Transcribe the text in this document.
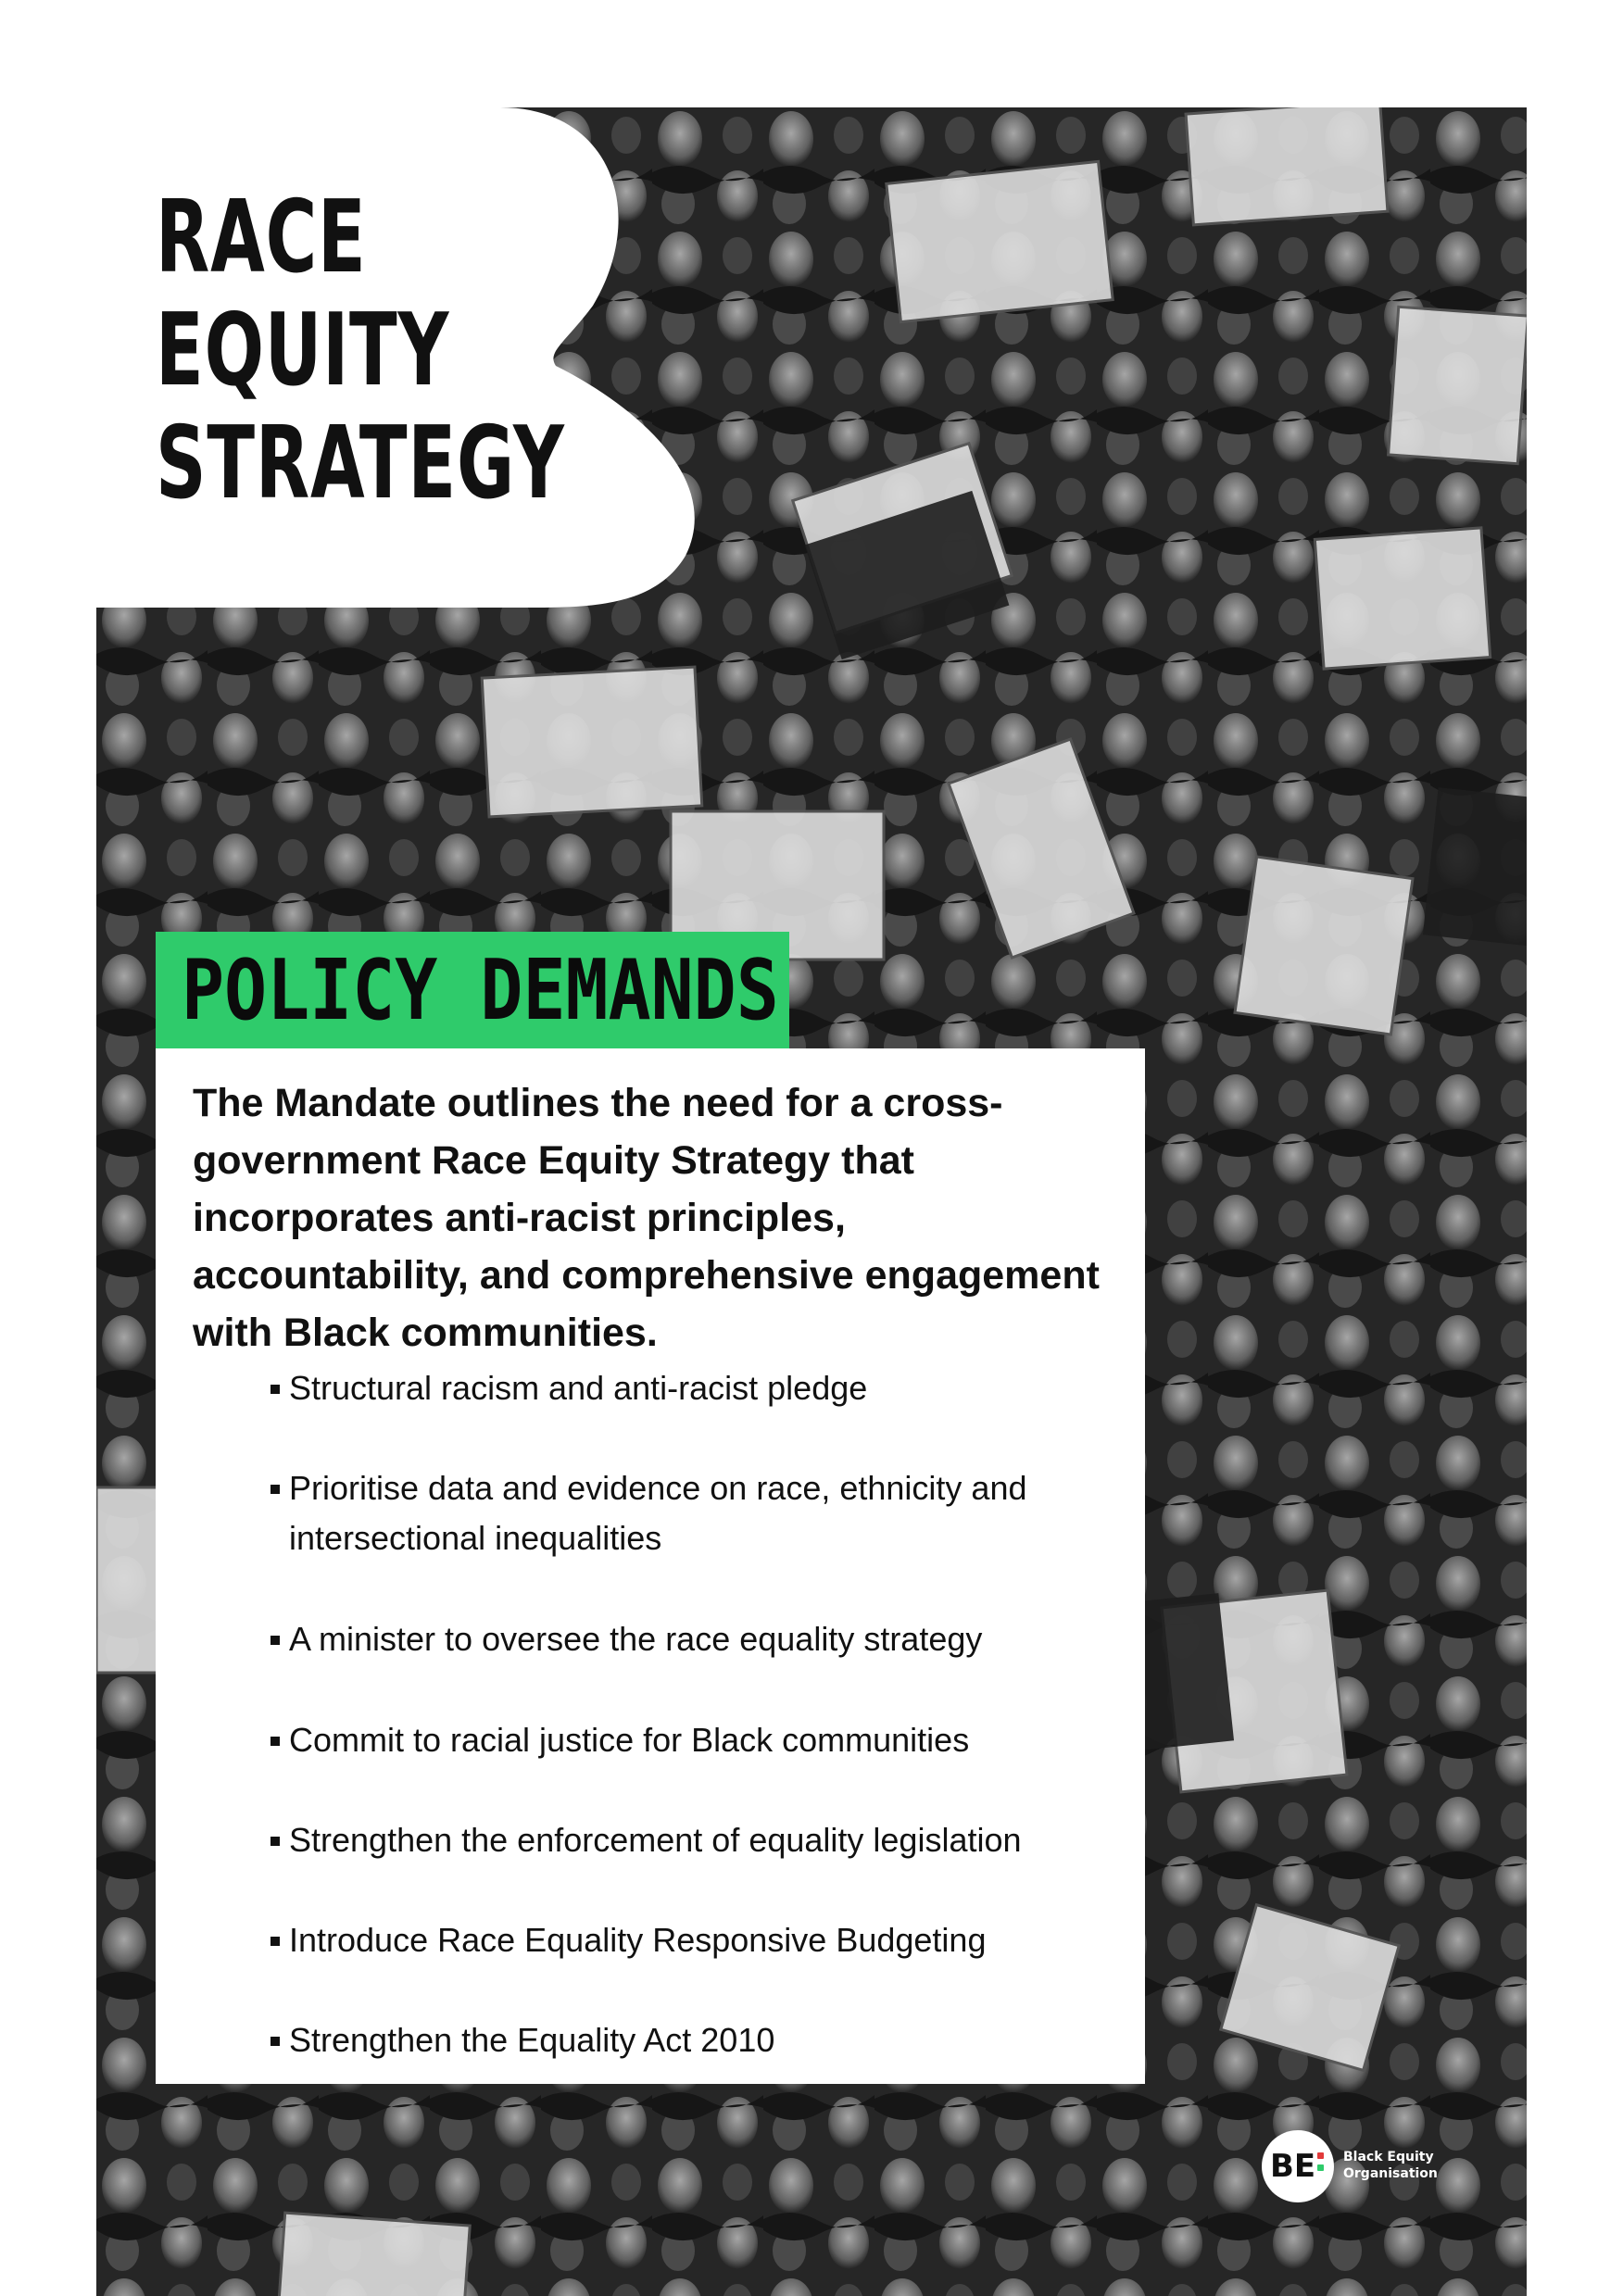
RACE
EQUITY
STRATEGY
POLICY DEMANDS
The Mandate outlines the need for a cross-government Race Equity Strategy that incorporates anti-racist principles, accountability, and comprehensive engagement with Black communities.
Structural racism and anti-racist pledge
Prioritise data and evidence on race, ethnicity and intersectional inequalities
A minister to oversee the race equality strategy
Commit to racial justice for Black communities
Strengthen the enforcement of equality legislation
Introduce Race Equality Responsive Budgeting
Strengthen the Equality Act 2010
BE Black Equity
Organisation
